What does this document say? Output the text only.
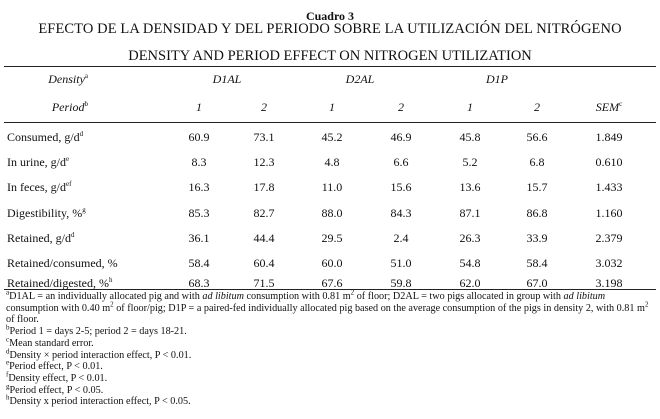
Cuadro 3
EFECTO DE LA DENSIDAD Y DEL PERIODO SOBRE LA UTILIZACIÓN DEL NITRÓGENO
DENSITY AND PERIOD EFFECT ON NITROGEN UTILIZATION
Density$^a$	D1AL	D2AL	D1P
Period$^b$	1	2	1	2	1	2	SEM$^c$
Consumed, $g/d^d$	60.9	73.1	45.2	46.9	45.8	56.6	1.849
In urine, $g/d^e$	8.3	12.3	4.8	6.6	5.2	6.8	0.610
In feces, $g/d^{ef}$	16.3	17.8	11.0	15.6	13.6	15.7	1.433
Digestibility, %$^g$	85.3	82.7	88.0	84.3	87.1	86.8	1.160
Retained, $g/d^d$	36.1	44.4	29.5	2.4	26.3	33.9	2.379
Retained/consumed, %	58.4	60.4	60.0	51.0	54.8	58.4	3.032
Retained/digested, %$^h$	68.3	71.5	67.6	59.8	62.0	67.0	3.198
$^a$D1AL = an individually allocated pig and with ad libitum consumption with 0.81 $m^2$ of floor; D2AL = two pigs allocated in group with ad libitum consumption with 0.40 $m^2$ of floor/pig; D1P = a paired-fed individually allocated pig based on the average consumption of the pigs in density 2, with 0.81 $m^2$ of floor.
$^b$Period 1 = days 2-5; period 2 = days 18-21.
$^c$Mean standard error.
$^d$Density × period interaction effect, P < 0.01.
$^e$Period effect, P < 0.01.
$^f$Density effect, P < 0.01.
$^g$Period effect, P < 0.05.
$^h$Density x period interaction effect, P < 0.05.
